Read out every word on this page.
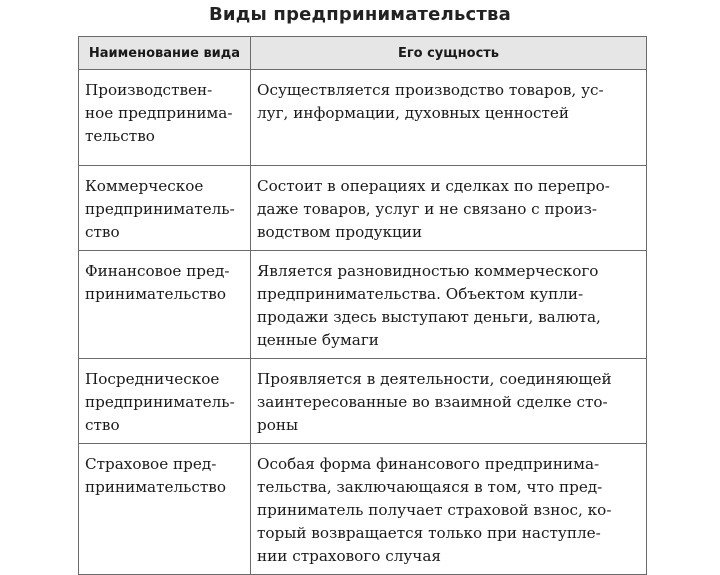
Виды предпринимательства
Наименование вида	Его сущность

Производствен-
ное предпринима-
тельство	Осуществляется производство товаров, ус-
луг, информации, духовных ценностей

Коммерческое
предприниматель-
ство	Состоит в операциях и сделках по перепро-
даже товаров, услуг и не связано с произ-
водством продукции

Финансовое пред-
принимательство	Является разновидностью коммерческого
предпринимательства. Объектом купли-
продажи здесь выступают деньги, валюта,
ценные бумаги

Посредническое
предприниматель-
ство	Проявляется в деятельности, соединяющей
заинтересованные во взаимной сделке сто-
роны

Страховое пред-
принимательство	Особая форма финансового предпринима-
тельства, заключающаяся в том, что пред-
приниматель получает страховой взнос, ко-
торый возвращается только при наступле-
нии страхового случая
